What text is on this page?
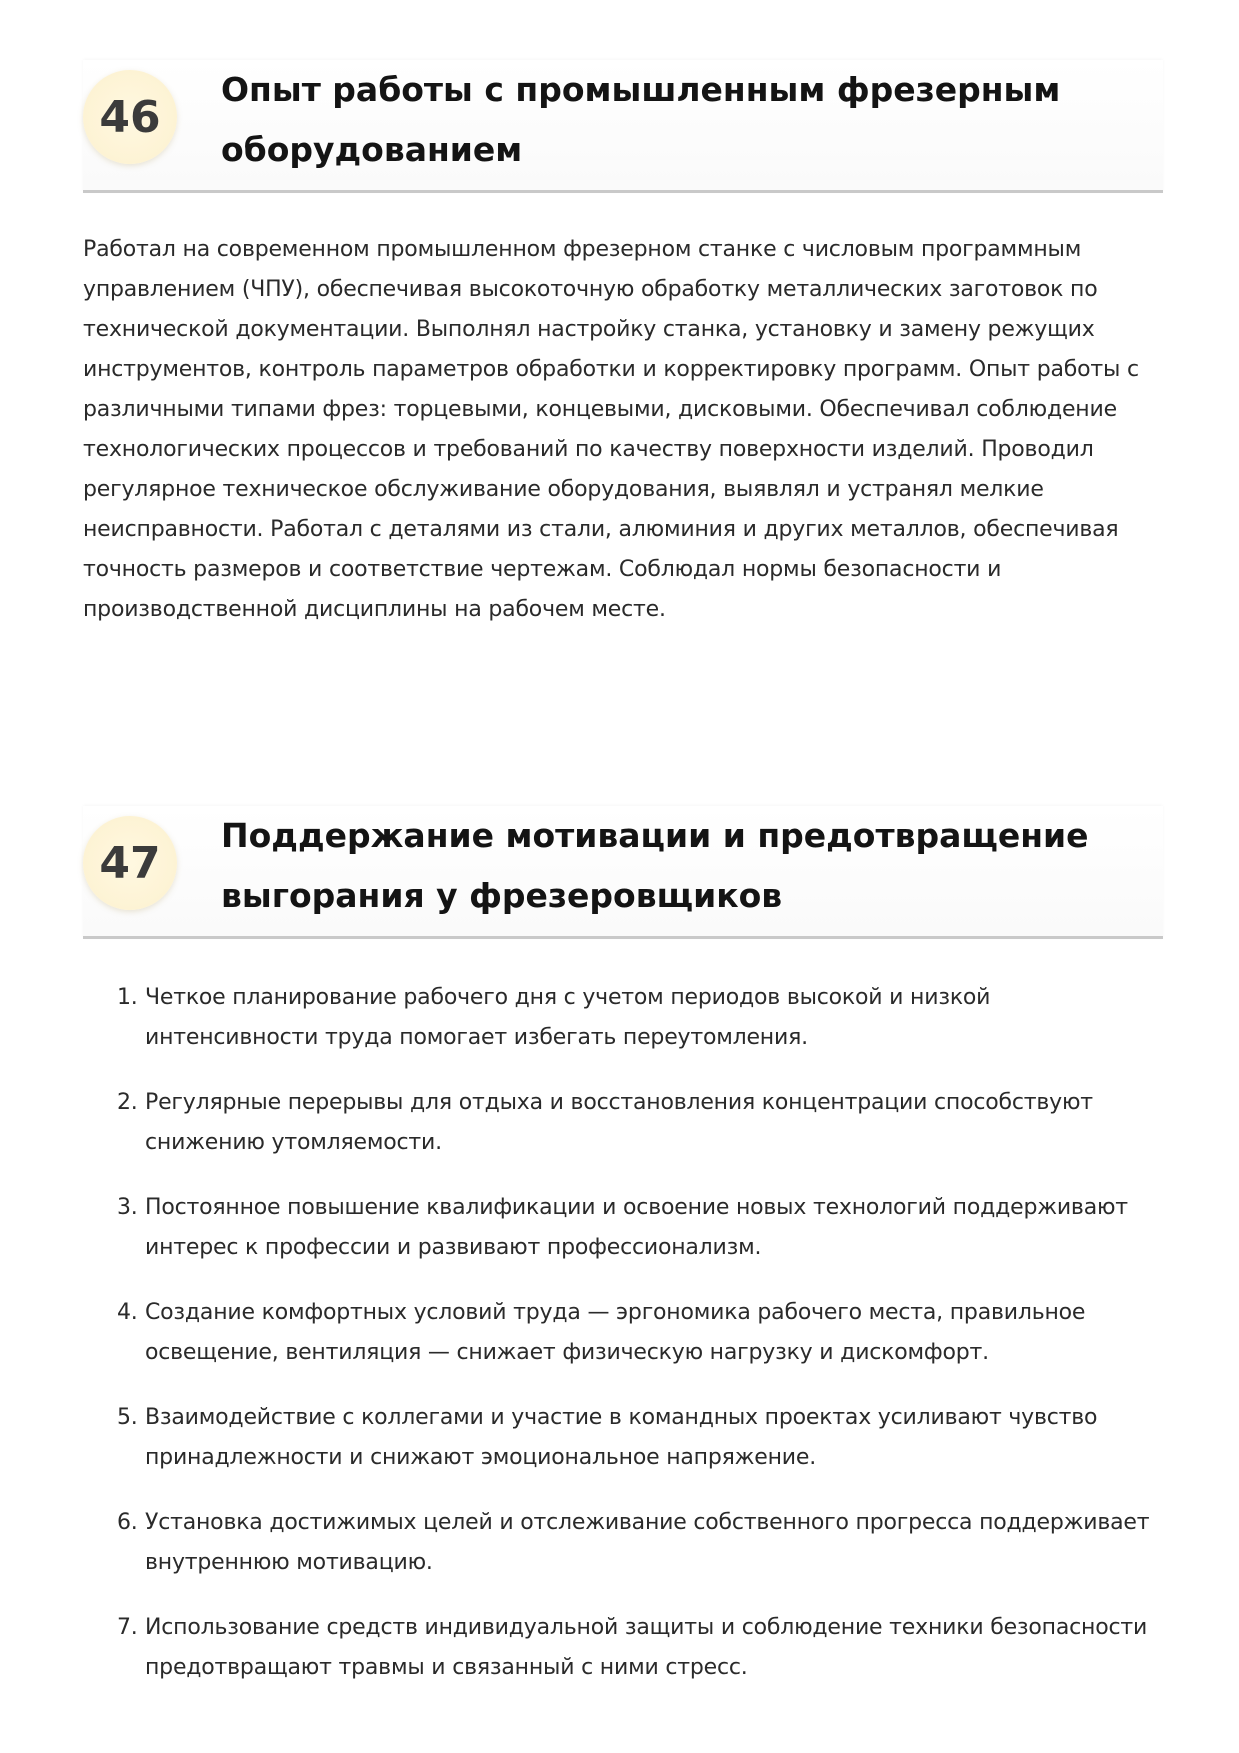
46
Опыт работы с промышленным фрезерным оборудованием

Работал на современном промышленном фрезерном станке с числовым программным управлением (ЧПУ), обеспечивая высокоточную обработку металлических заготовок по технической документации. Выполнял настройку станка, установку и замену режущих инструментов, контроль параметров обработки и корректировку программ. Опыт работы с различными типами фрез: торцевыми, концевыми, дисковыми. Обеспечивал соблюдение технологических процессов и требований по качеству поверхности изделий. Проводил регулярное техническое обслуживание оборудования, выявлял и устранял мелкие неисправности. Работал с деталями из стали, алюминия и других металлов, обеспечивая точность размеров и соответствие чертежам. Соблюдал нормы безопасности и производственной дисциплины на рабочем месте.

47
Поддержание мотивации и предотвращение выгорания у фрезеровщиков
1. Четкое планирование рабочего дня с учетом периодов высокой и низкой интенсивности труда помогает избегать переутомления.
2. Регулярные перерывы для отдыха и восстановления концентрации способствуют снижению утомляемости.
3. Постоянное повышение квалификации и освоение новых технологий поддерживают интерес к профессии и развивают профессионализм.
4. Создание комфортных условий труда — эргономика рабочего места, правильное освещение, вентиляция — снижает физическую нагрузку и дискомфорт.
5. Взаимодействие с коллегами и участие в командных проектах усиливают чувство принадлежности и снижают эмоциональное напряжение.
6. Установка достижимых целей и отслеживание собственного прогресса поддерживает внутреннюю мотивацию.
7. Использование средств индивидуальной защиты и соблюдение техники безопасности предотвращают травмы и связанный с ними стресс.
